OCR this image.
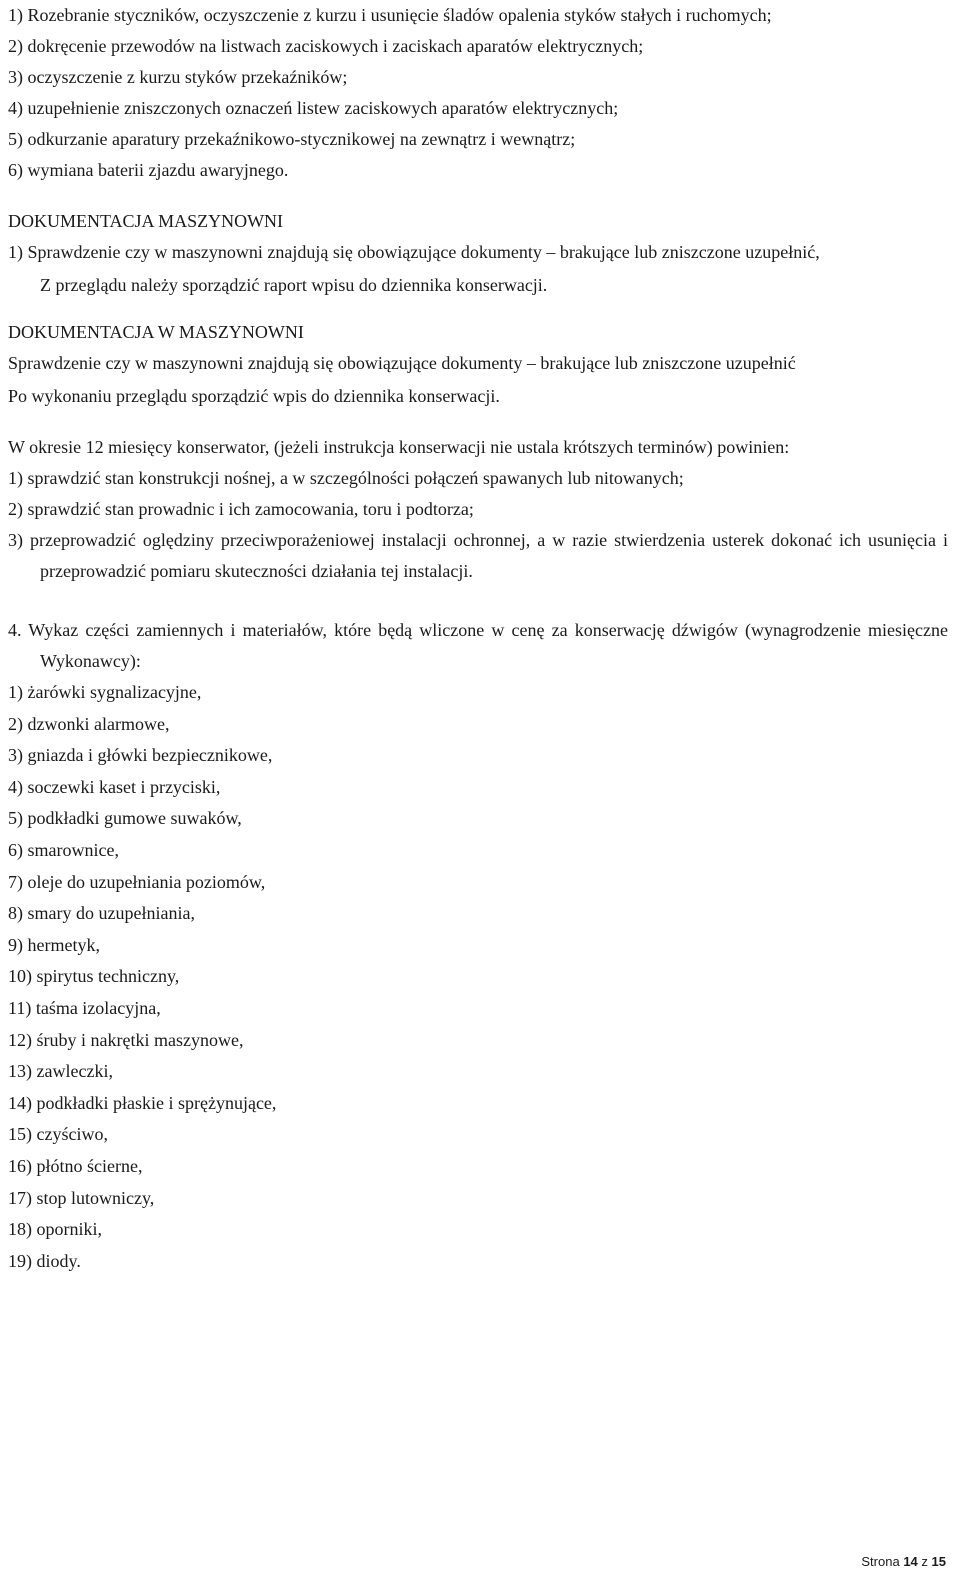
1) Rozebranie styczników, oczyszczenie z kurzu i usunięcie śladów opalenia styków stałych i ruchomych;

2) dokręcenie przewodów na listwach zaciskowych i zaciskach aparatów elektrycznych;

3) oczyszczenie z kurzu styków przekaźników;

4) uzupełnienie zniszczonych oznaczeń listew zaciskowych aparatów elektrycznych;

5) odkurzanie aparatury przekaźnikowo-stycznikowej na zewnątrz i wewnątrz;

6) wymiana baterii zjazdu awaryjnego.

DOKUMENTACJA MASZYNOWNI

1) Sprawdzenie czy w maszynowni znajdują się obowiązujące dokumenty – brakujące lub zniszczone uzupełnić,

Z przeglądu należy sporządzić raport wpisu do dziennika konserwacji.

DOKUMENTACJA W MASZYNOWNI

Sprawdzenie czy w maszynowni znajdują się obowiązujące dokumenty – brakujące lub zniszczone uzupełnić

Po wykonaniu przeglądu sporządzić wpis do dziennika konserwacji.

W okresie 12 miesięcy konserwator, (jeżeli instrukcja konserwacji nie ustala krótszych terminów) powinien:

1) sprawdzić stan konstrukcji nośnej, a w szczególności połączeń spawanych lub nitowanych;

2) sprawdzić stan prowadnic i ich zamocowania, toru i podtorza;

3) przeprowadzić oględziny przeciwporażeniowej instalacji ochronnej, a w razie stwierdzenia usterek dokonać ich usunięcia i przeprowadzić pomiaru skuteczności działania tej instalacji.

4. Wykaz części zamiennych i materiałów, które będą wliczone w cenę za konserwację dźwigów (wynagrodzenie miesięczne Wykonawcy):

1) żarówki sygnalizacyjne,

2) dzwonki alarmowe,

3) gniazda i główki bezpiecznikowe,

4) soczewki kaset i przyciski,

5) podkładki gumowe suwaków,

6) smarownice,

7) oleje do uzupełniania poziomów,

8) smary do uzupełniania,

9) hermetyk,

10) spirytus techniczny,

11) taśma izolacyjna,

12) śruby i nakrętki maszynowe,

13) zawleczki,

14) podkładki płaskie i sprężynujące,

15) czyściwo,

16) płótno ścierne,

17) stop lutowniczy,

18) oporniki,

19) diody.

Strona 14 z 15
